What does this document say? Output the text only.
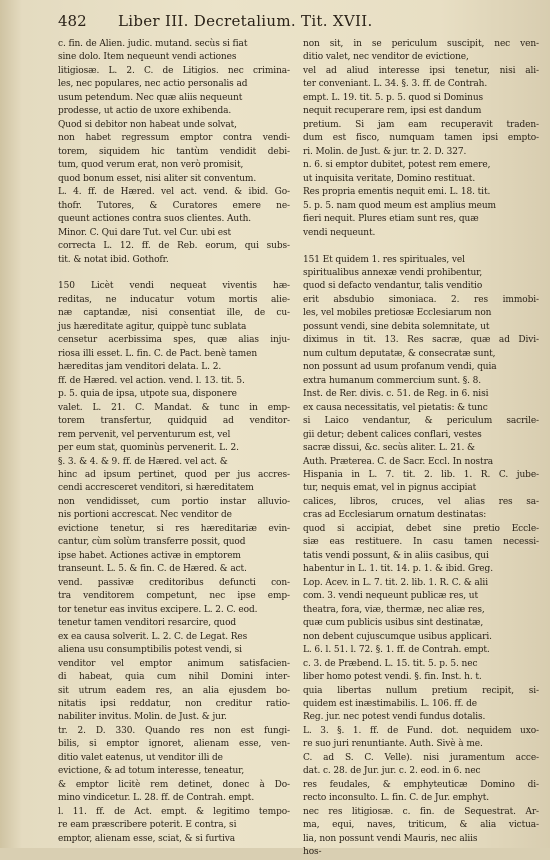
482 Liber III. Decretalium. Tit. XVII.
c. fin. de Alien. judic. mutand. secùs si fiat
sine dolo. Item nequeunt vendi actiones
litigiosæ. L. 2. C. de Litigios. nec crimina-
les, nec populares, nec actio personalis ad
usum petendum. Nec quæ aliis nequeunt
prodesse, ut actio de uxore exhibenda.
Quod si debitor non habeat unde solvat,
non habet regressum emptor contra vendi-
torem, siquidem hic tantùm vendidit debi-
tum, quod verum erat, non verò promisit,
quod bonum esset, nisi aliter sit conventum.
L. 4. ff. de Hæred. vel act. vend. & ibid. Go-
thofr. Tutores, & Curatores emere ne-
queunt actiones contra suos clientes. Auth.
Minor. C. Qui dare Tut. vel Cur. ubi est
correcta L. 12. ff. de Reb. eorum, qui subs-
tit. & notat ibid. Gothofr.
150 Licèt vendi nequeat viventis hæ-
reditas, ne inducatur votum mortis alie-
næ captandæ, nisi consentiat ille, de cu-
jus hæreditate agitur, quippè tunc sublata
censetur acerbissima spes, quæ alias inju-
riosa illi esset. L. fin. C. de Pact. benè tamen
hæreditas jam venditori delata. L. 2.
ff. de Hæred. vel action. vend. l. 13. tit. 5.
p. 5. quia de ipsa, utpote sua, disponere
valet. L. 21. C. Mandat. & tunc in emp-
torem transfertur, quidquid ad venditor-
rem pervenit, vel perventurum est, vel
per eum stat, quominùs pervenerit. L. 2.
§. 3. & 4. & 9. ff. de Hæred. vel act. &
hinc ad ipsum pertinet, quod per jus accres-
cendi accresceret venditori, si hæreditatem
non vendidisset, cum portio instar alluvio-
nis portioni accrescat. Nec venditor de
evictione tenetur, si res hæreditariæ evin-
cantur, cùm solùm transferre possit, quod
ipse habet. Actiones activæ in emptorem
transeunt. L. 5. & fin. C. de Hæred. & act.
vend. passivæ creditoribus defuncti con-
tra venditorem competunt, nec ipse emp-
tor tenetur eas invitus excipere. L. 2. C. eod.
tenetur tamen venditori resarcire, quod
ex ea causa solverit. L. 2. C. de Legat. Res
aliena usu consumptibilis potest vendi, si
venditor vel emptor animum satisfacien-
di habeat, quia cum nihil Domini inter-
sit utrum eadem res, an alia ejusdem bo-
nitatis ipsi reddatur, non creditur ratio-
nabiliter invitus. Molin. de Just. & jur.
tr. 2. D. 330. Quando res non est fungi-
bilis, si emptor ignoret, alienam esse, ven-
ditio valet eatenus, ut venditor illi de
evictione, & ad totum interesse, teneatur,
& emptor licitè rem detinet, donec à Do-
mino vindicetur. L. 28. ff. de Contrah. empt.
l. 11. ff. de Act. empt. & legitimo tempo-
re eam præscribere poterit. E contra, si
emptor, alienam esse, sciat, & si furtiva
non sit, in se periculum suscipit, nec ven-
ditio valet, nec venditor de evictione,
vel ad aliud interesse ipsi tenetur, nisi ali-
ter conveniant. L. 34. §. 3. ff. de Contrah.
empt. L. 19. tit. 5. p. 5. quod si Dominus
nequit recuperare rem, ipsi est dandum
pretium. Si jam eam recuperavit traden-
dum est fisco, numquam tamen ipsi empto-
ri. Molin. de Just. & jur. tr. 2. D. 327.
n. 6. si emptor dubitet, potest rem emere,
ut inquisita veritate, Domino restituat.
Res propria ementis nequit emi. L. 18. tit.
5. p. 5. nam quod meum est amplius meum
fieri nequit. Plures etiam sunt res, quæ
vendi nequeunt.
151 Et quidem 1. res spirituales, vel
spiritualibus annexæ vendi prohibentur,
quod si defacto vendantur, talis venditio
erit absdubio simoniaca. 2. res immobi-
les, vel mobiles pretiosæ Ecclesiarum non
possunt vendi, sine debita solemnitate, ut
diximus in tit. 13. Res sacræ, quæ ad Divi-
num cultum deputatæ, & consecratæ sunt,
non possunt ad usum profanum vendi, quia
extra humanum commercium sunt. §. 8.
Inst. de Rer. divis. c. 51. de Reg. in 6. nisi
ex causa necessitatis, vel pietatis: & tunc
si Laico vendantur, & periculum sacrile-
gii detur; debent calices conflari, vestes
sacræ dissui, &c. secùs aliter. L. 21. &
Auth. Præterea. C. de Sacr. Eccl. In nostra
Hispania in L. 7. tit. 2. lib. 1. R. C. jube-
tur, nequis emat, vel in pignus accipiat
calices, libros, cruces, vel alias res sa-
cras ad Ecclesiarum ornatum destinatas:
quod si accipiat, debet sine pretio Eccle-
siæ eas restituere. In casu tamen necessi-
tatis vendi possunt, & in aliis casibus, qui
habentur in L. 1. tit. 14. p. 1. & ibid. Greg.
Lop. Acev. in L. 7. tit. 2. lib. 1. R. C. & alii
com. 3. vendi nequeunt publicæ res, ut
theatra, fora, viæ, thermæ, nec aliæ res,
quæ cum publicis usibus sint destinatæ,
non debent cujuscumque usibus applicari.
L. 6. l. 51. l. 72. §. 1. ff. de Contrah. empt.
c. 3. de Præbend. L. 15. tit. 5. p. 5. nec
liber homo potest vendi. §. fin. Inst. h. t.
quia libertas nullum pretium recipit, si-
quidem est inæstimabilis. L. 106. ff. de
Reg. jur. nec potest vendi fundus dotalis.
L. 3. §. 1. ff. de Fund. dot. nequidem uxo-
re suo juri renuntiante. Auth. Sivè à me.
C. ad S. C. Velle). nisi juramentum acce-
dat. c. 28. de Jur. jur. c. 2. eod. in 6. nec
res feudales, & emphyteuticæ Domino di-
recto inconsulto. L. fin. C. de Jur. emphyt.
nec res litigiosæ. c. fin. de Sequestrat. Ar-
ma, equi, naves, triticum, & alia victua-
lia, non possunt vendi Mauris, nec aliis
hos-
